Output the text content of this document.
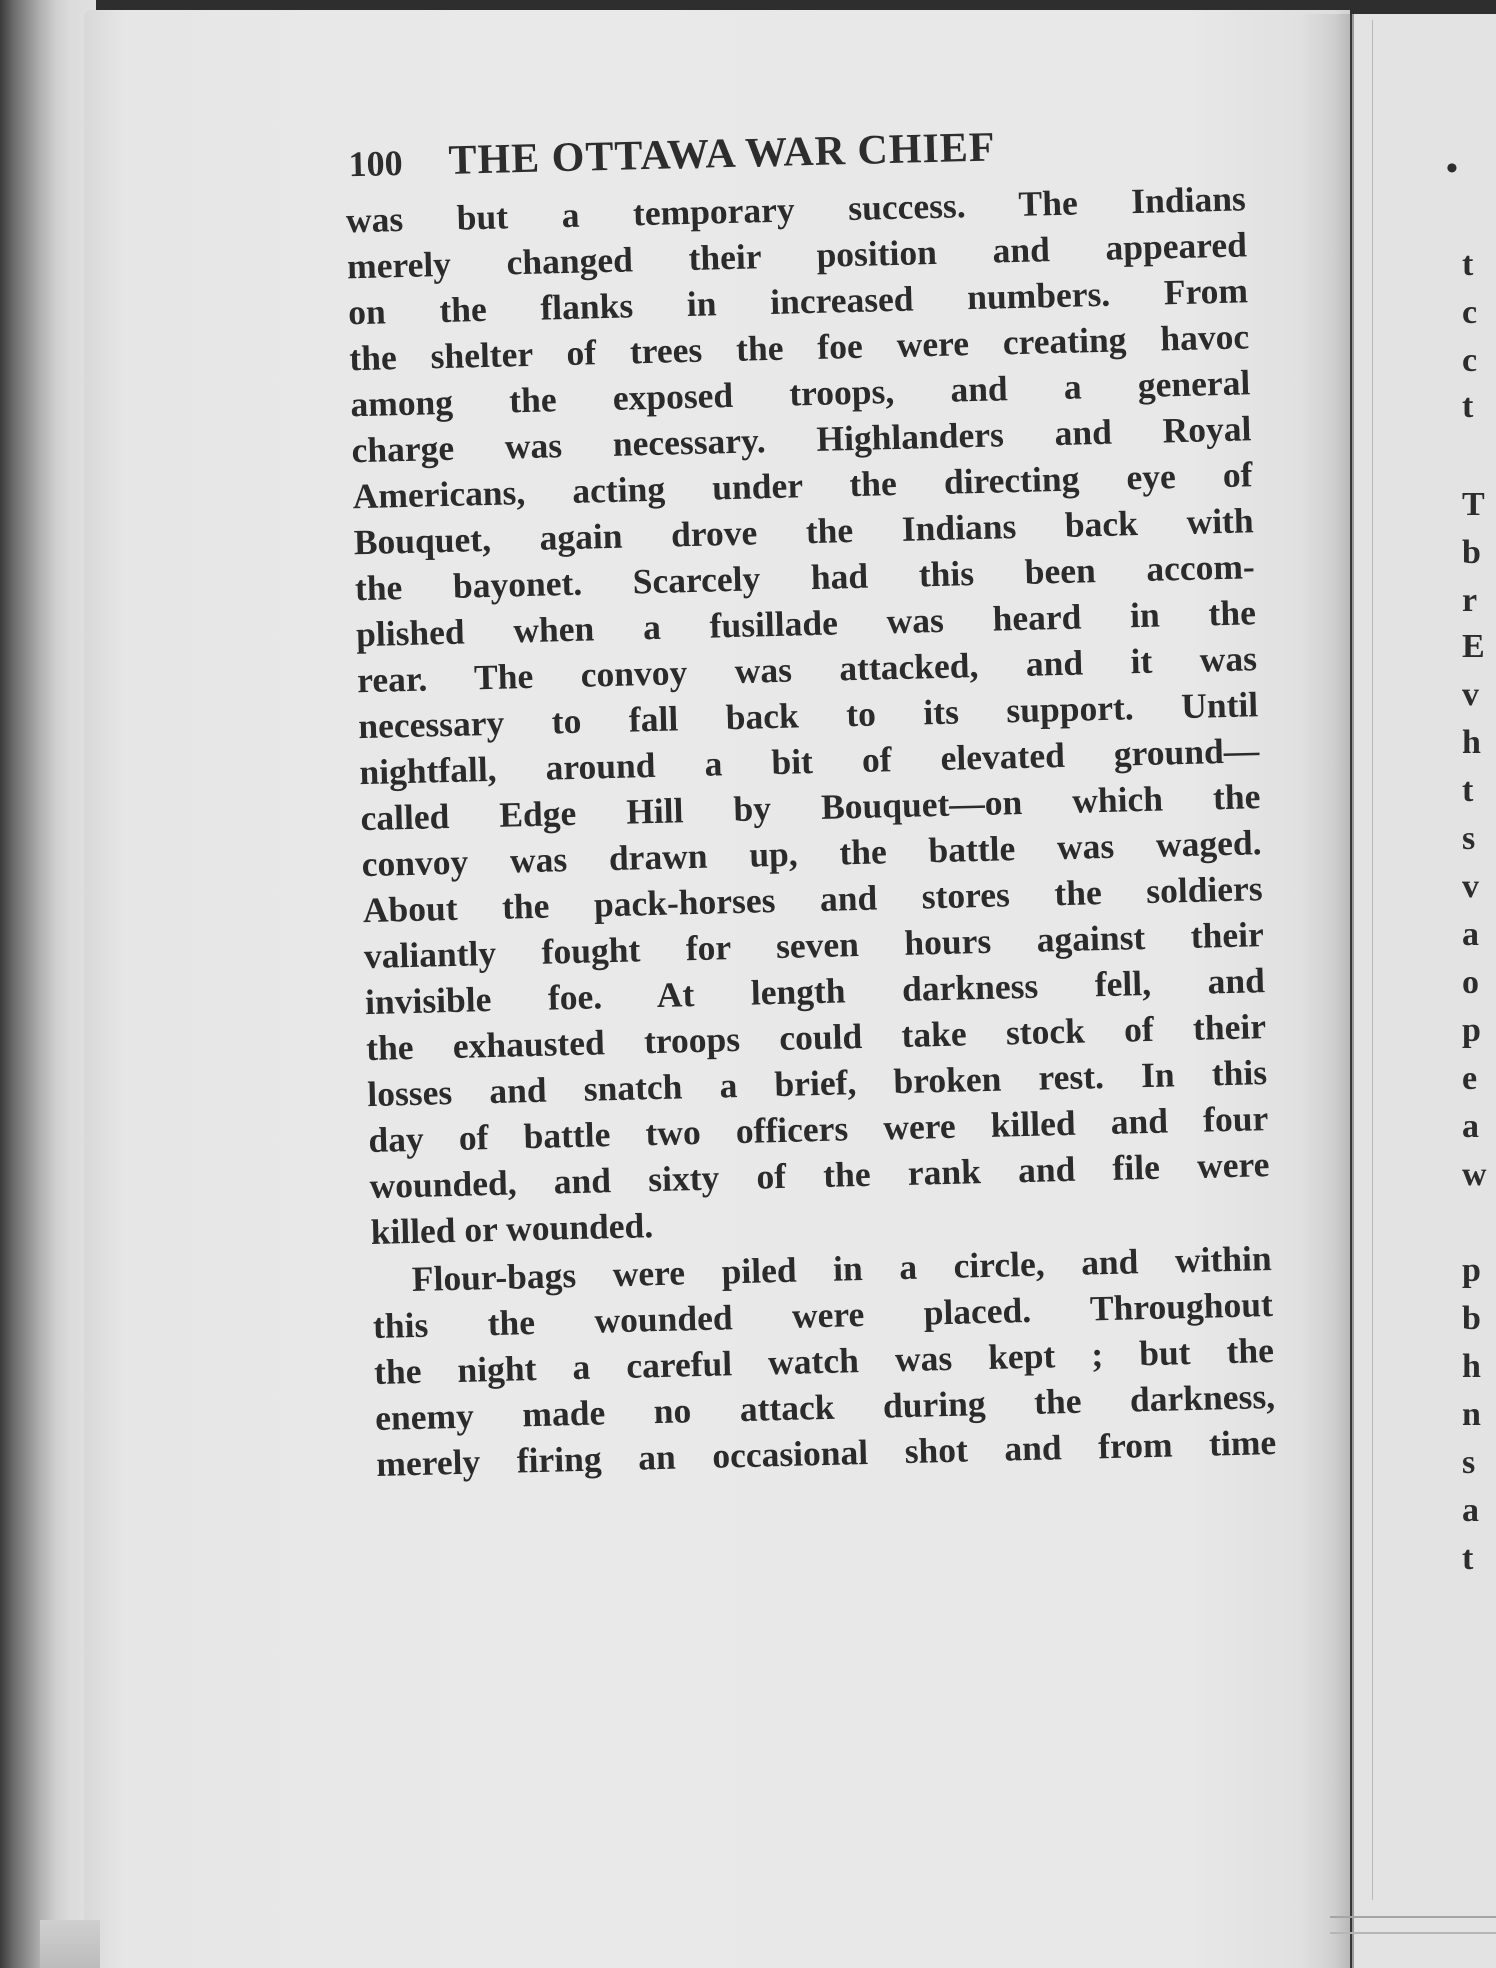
100 THE OTTAWA WAR CHIEF
was but a temporary success. The Indians
merely changed their position and appeared
on the flanks in increased numbers. From
the shelter of trees the foe were creating havoc
among the exposed troops, and a general
charge was necessary. Highlanders and Royal
Americans, acting under the directing eye of
Bouquet, again drove the Indians back with
the bayonet. Scarcely had this been accom-
plished when a fusillade was heard in the
rear. The convoy was attacked, and it was
necessary to fall back to its support. Until
nightfall, around a bit of elevated ground—
called Edge Hill by Bouquet—on which the
convoy was drawn up, the battle was waged.
About the pack-horses and stores the soldiers
valiantly fought for seven hours against their
invisible foe. At length darkness fell, and
the exhausted troops could take stock of their
losses and snatch a brief, broken rest. In this
day of battle two officers were killed and four
wounded, and sixty of the rank and file were
killed or wounded.
Flour-bags were piled in a circle, and within
this the wounded were placed. Throughout
the night a careful watch was kept ; but the
enemy made no attack during the darkness,
merely firing an occasional shot and from time
•
t
c
c
t
T
b
r
E
v
h
t
s
v
a
o
p
e
a
w
p
b
h
n
s
a
t
